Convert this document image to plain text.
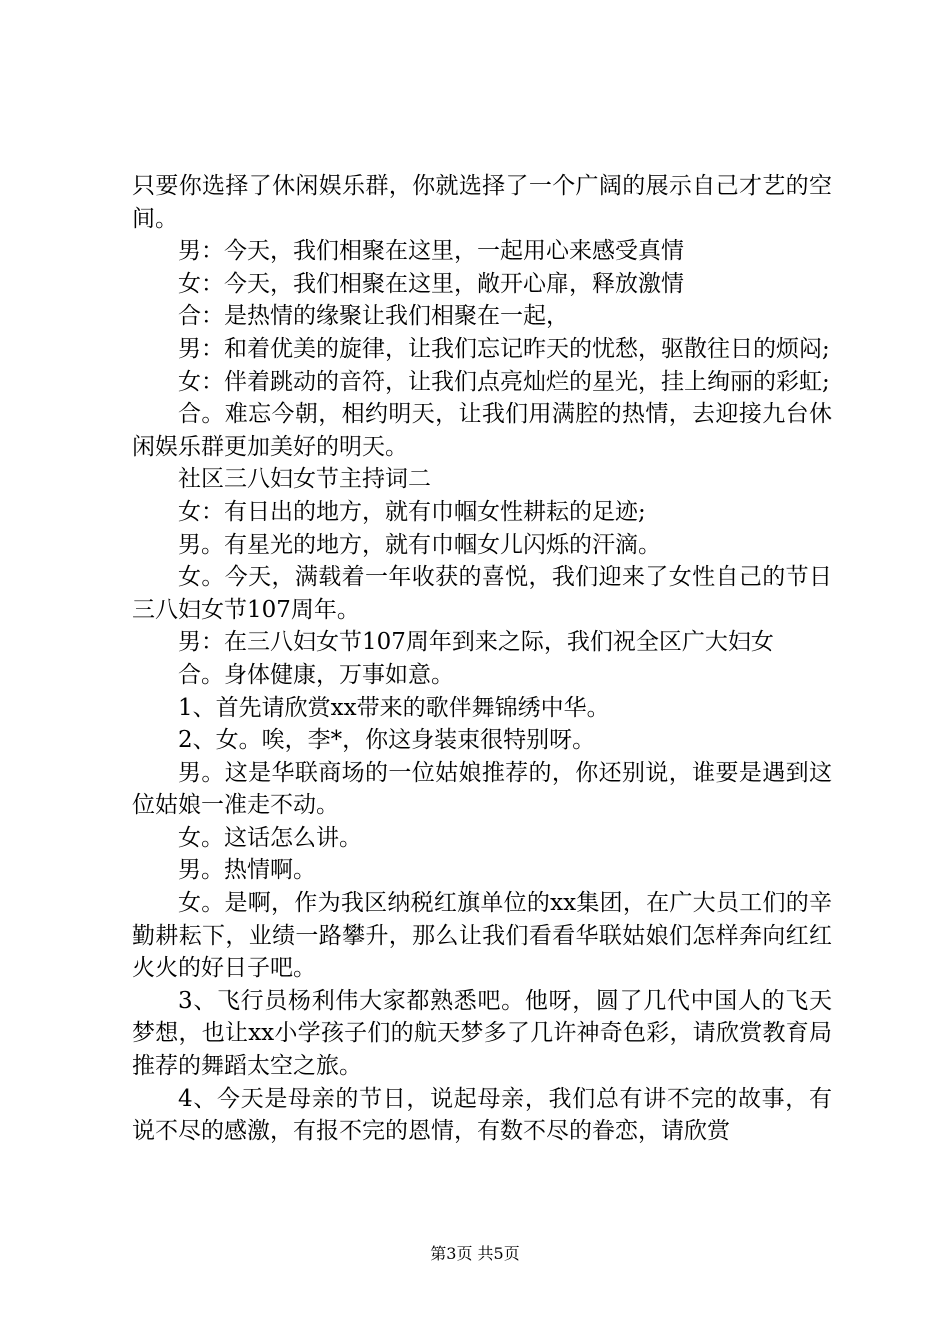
只要你选择了休闲娱乐群，你就选择了一个广阔的展示自己才艺的空间。

男：今天，我们相聚在这里，一起用心来感受真情

女：今天，我们相聚在这里，敞开心扉，释放激情

合：是热情的缘聚让我们相聚在一起，

男：和着优美的旋律，让我们忘记昨天的忧愁，驱散往日的烦闷;

女：伴着跳动的音符，让我们点亮灿烂的星光，挂上绚丽的彩虹;

合。难忘今朝，相约明天，让我们用满腔的热情，去迎接九台休闲娱乐群更加美好的明天。

社区三八妇女节主持词二

女：有日出的地方，就有巾帼女性耕耘的足迹;

男。有星光的地方，就有巾帼女儿闪烁的汗滴。

女。今天，满载着一年收获的喜悦，我们迎来了女性自己的节日三八妇女节107周年。

男：在三八妇女节107周年到来之际，我们祝全区广大妇女

合。身体健康，万事如意。

1、首先请欣赏xx带来的歌伴舞锦绣中华。

2、女。唉，李*，你这身装束很特别呀。

男。这是华联商场的一位姑娘推荐的，你还别说，谁要是遇到这位姑娘一准走不动。

女。这话怎么讲。

男。热情啊。

女。是啊，作为我区纳税红旗单位的xx集团，在广大员工们的辛勤耕耘下，业绩一路攀升，那么让我们看看华联姑娘们怎样奔向红红火火的好日子吧。

3、飞行员杨利伟大家都熟悉吧。他呀，圆了几代中国人的飞天梦想，也让xx小学孩子们的航天梦多了几许神奇色彩，请欣赏教育局推荐的舞蹈太空之旅。

4、今天是母亲的节日，说起母亲，我们总有讲不完的故事，有说不尽的感激，有报不完的恩情，有数不尽的眷恋，请欣赏

第3页 共5页
